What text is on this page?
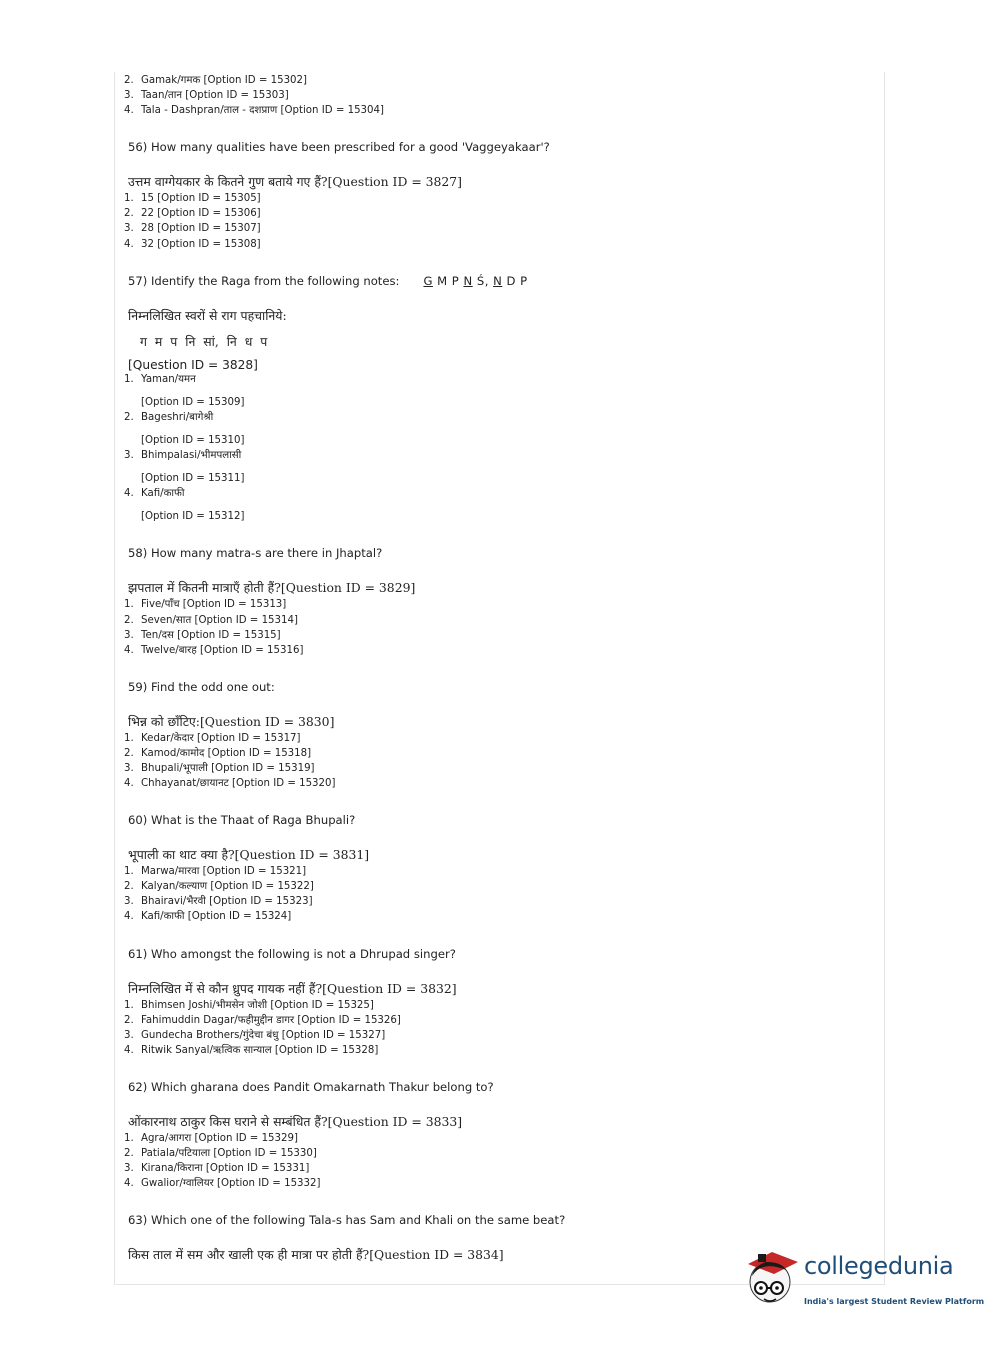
2. Gamak/गमक [Option ID = 15302]
3. Taan/तान [Option ID = 15303]
4. Tala - Dashpran/ताल - दशप्राण [Option ID = 15304]
56) How many qualities have been prescribed for a good 'Vaggeyakaar'?
उत्तम वाग्गेयकार के कितने गुण बताये गए हैं?[Question ID = 3827]
1. 15 [Option ID = 15305]
2. 22 [Option ID = 15306]
3. 28 [Option ID = 15307]
4. 32 [Option ID = 15308]
57) Identify the Raga from the following notes: G M P N Ś, N D P
निम्नलिखित स्वरों से राग पहचानिये:
ग म प नि सां, नि ध प
[Question ID = 3828]
1. Yaman/यमन
[Option ID = 15309]
2. Bageshri/बागेश्री
[Option ID = 15310]
3. Bhimpalasi/भीमपलासी
[Option ID = 15311]
4. Kafi/काफी
[Option ID = 15312]
58) How many matra-s are there in Jhaptal?
झपताल में कितनी मात्राएँ होती हैं?[Question ID = 3829]
1. Five/पाँच [Option ID = 15313]
2. Seven/सात [Option ID = 15314]
3. Ten/दस [Option ID = 15315]
4. Twelve/बारह [Option ID = 15316]
59) Find the odd one out:
भिन्न को छाँटिए:[Question ID = 3830]
1. Kedar/केदार [Option ID = 15317]
2. Kamod/कामोद [Option ID = 15318]
3. Bhupali/भूपाली [Option ID = 15319]
4. Chhayanat/छायानट [Option ID = 15320]
60) What is the Thaat of Raga Bhupali?
भूपाली का थाट क्या है?[Question ID = 3831]
1. Marwa/मारवा [Option ID = 15321]
2. Kalyan/कल्याण [Option ID = 15322]
3. Bhairavi/भैरवी [Option ID = 15323]
4. Kafi/काफी [Option ID = 15324]
61) Who amongst the following is not a Dhrupad singer?
निम्नलिखित में से कौन ध्रुपद गायक नहीं हैं?[Question ID = 3832]
1. Bhimsen Joshi/भीमसेन जोशी [Option ID = 15325]
2. Fahimuddin Dagar/फहीमुद्दीन डागर [Option ID = 15326]
3. Gundecha Brothers/गुंदेचा बंधु [Option ID = 15327]
4. Ritwik Sanyal/ऋत्विक सान्याल [Option ID = 15328]
62) Which gharana does Pandit Omakarnath Thakur belong to?
ओंकारनाथ ठाकुर किस घराने से सम्बंधित हैं?[Question ID = 3833]
1. Agra/आगरा [Option ID = 15329]
2. Patiala/पटियाला [Option ID = 15330]
3. Kirana/किराना [Option ID = 15331]
4. Gwalior/ग्वालियर [Option ID = 15332]
63) Which one of the following Tala-s has Sam and Khali on the same beat?
किस ताल में सम और खाली एक ही मात्रा पर होती हैं?[Question ID = 3834]	collegedunia
India's largest Student Review Platform
